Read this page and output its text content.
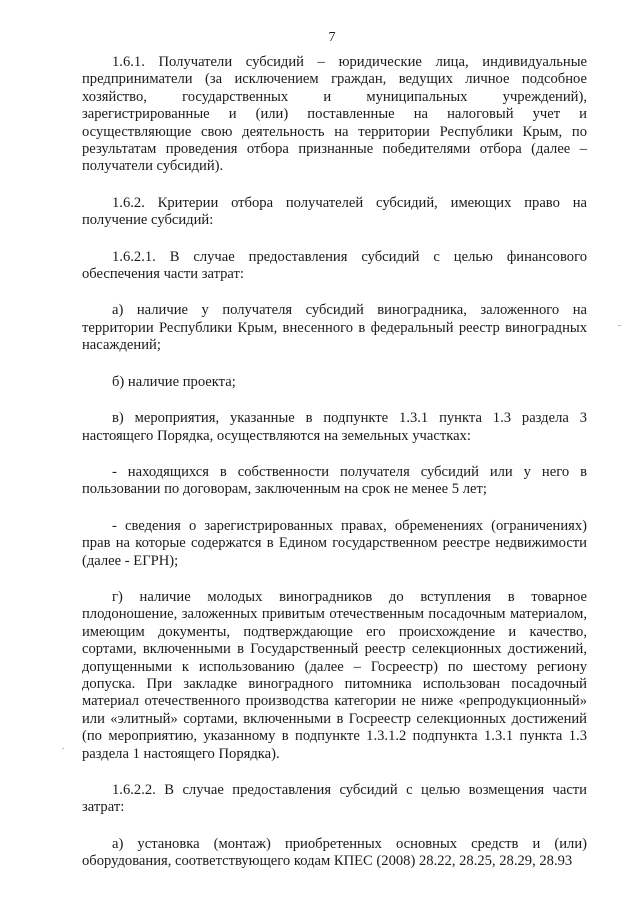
7

1.6.1. Получатели субсидий – юридические лица, индивидуальные предприниматели (за исключением граждан, ведущих личное подсобное хозяйство, государственных и муниципальных учреждений), зарегистрированные и (или) поставленные на налоговый учет и осуществляющие свою деятельность на территории Республики Крым, по результатам проведения отбора признанные победителями отбора (далее – получатели субсидий).

1.6.2. Критерии отбора получателей субсидий, имеющих право на получение субсидий:

1.6.2.1. В случае предоставления субсидий с целью финансового обеспечения части затрат:

а) наличие у получателя субсидий виноградника, заложенного на территории Республики Крым, внесенного в федеральный реестр виноградных насаждений;

б) наличие проекта;

в) мероприятия, указанные в подпункте 1.3.1 пункта 1.3 раздела 3 настоящего Порядка, осуществляются на земельных участках:

- находящихся в собственности получателя субсидий или у него в пользовании по договорам, заключенным на срок не менее 5 лет;

- сведения о зарегистрированных правах, обременениях (ограничениях) прав на которые содержатся в Едином государственном реестре недвижимости (далее - ЕГРН);

г) наличие молодых виноградников до вступления в товарное плодоношение, заложенных привитым отечественным посадочным материалом, имеющим документы, подтверждающие его происхождение и качество, сортами, включенными в Государственный реестр селекционных достижений, допущенными к использованию (далее – Госреестр) по шестому региону допуска. При закладке виноградного питомника использован посадочный материал отечественного производства категории не ниже «репродукционный» или «элитный» сортами, включенными в Госреестр селекционных достижений (по мероприятию, указанному в подпункте 1.3.1.2 подпункта 1.3.1 пункта 1.3 раздела 1 настоящего Порядка).

1.6.2.2. В случае предоставления субсидий с целью возмещения части затрат:

а) установка (монтаж) приобретенных основных средств и (или) оборудования, соответствующего кодам КПЕС (2008) 28.22, 28.25, 28.29, 28.93
